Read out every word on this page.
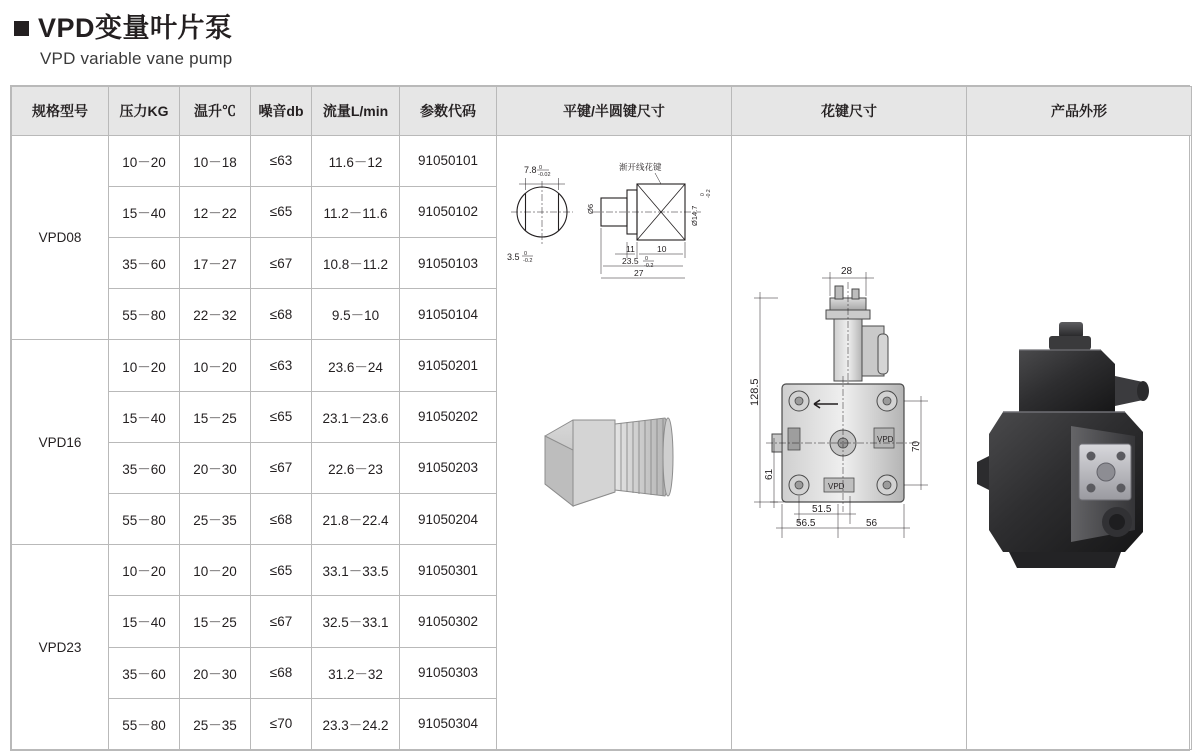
VPD变量叶片泵
VPD variable vane pump
规格型号	压力KG	温升℃	噪音db	流量L/min	参数代码	平键/半圆键尺寸	花键尺寸	产品外形
VPD08	10－20	10－18	≤63	11.6－12	91050101	
7.8 0
-0.02
3.5 0
-0.2
Ø6	Ø14.7
0 -0.2
渐开线花键
11	10
23.5 0
-0.2
27	28
VPD
VPD
128.5
61
70
51.5
56.5	56

	15－40	12－22	≤65	11.2－11.6	91050102			
	35－60	17－27	≤67	10.8－11.2	91050103			
	55－80	22－32	≤68	9.5－10	91050104			
VPD16	10－20	10－20	≤63	23.6－24	91050201			
	15－40	15－25	≤65	23.1－23.6	91050202			
	35－60	20－30	≤67	22.6－23	91050203			
	55－80	25－35	≤68	21.8－22.4	91050204			
VPD23	10－20	10－20	≤65	33.1－33.5	91050301			
	15－40	15－25	≤67	32.5－33.1	91050302			
	35－60	20－30	≤68	31.2－32	91050303			
	55－80	25－35	≤70	23.3－24.2	91050304			
